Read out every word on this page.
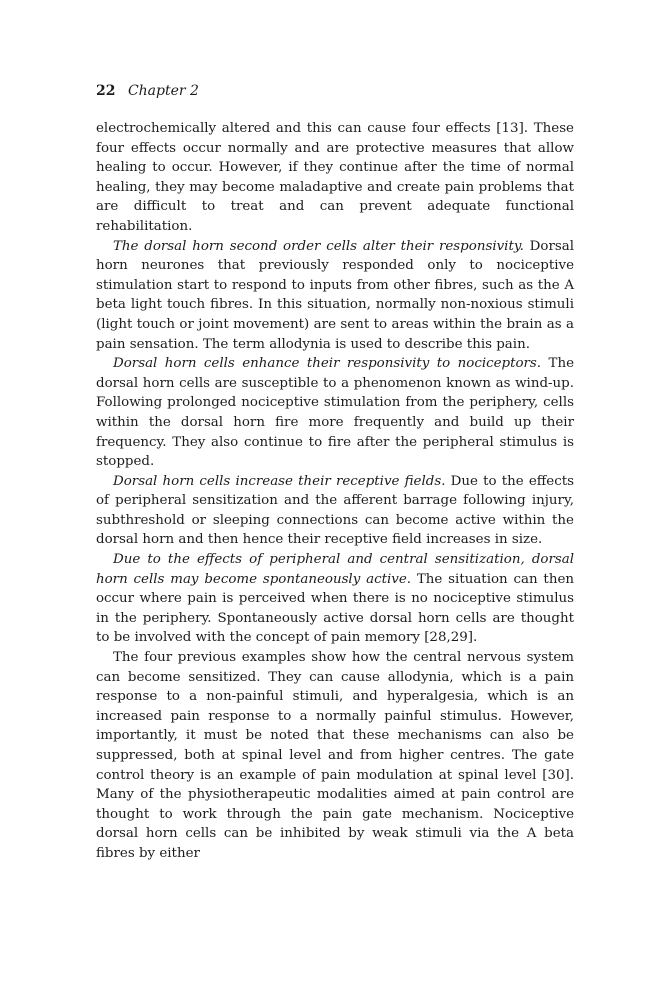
22 Chapter 2

electrochemically altered and this can cause four effects [13]. These four effects occur normally and are protective measures that allow healing to occur. However, if they continue after the time of normal healing, they may become maladaptive and create pain problems that are difficult to treat and can prevent adequate functional rehabilitation.

The dorsal horn second order cells alter their responsivity. Dorsal horn neurones that previously responded only to nociceptive stimulation start to respond to inputs from other fibres, such as the A beta light touch fibres. In this situation, normally non-noxious stimuli (light touch or joint movement) are sent to areas within the brain as a pain sensation. The term allodynia is used to describe this pain.

Dorsal horn cells enhance their responsivity to nociceptors. The dorsal horn cells are susceptible to a phenomenon known as wind-up. Following prolonged nociceptive stimulation from the periphery, cells within the dorsal horn fire more frequently and build up their frequency. They also continue to fire after the peripheral stimulus is stopped.

Dorsal horn cells increase their receptive fields. Due to the effects of peripheral sensitization and the afferent barrage following injury, subthreshold or sleeping connections can become active within the dorsal horn and then hence their receptive field increases in size.

Due to the effects of peripheral and central sensitization, dorsal horn cells may become spontaneously active. The situation can then occur where pain is perceived when there is no nociceptive stimulus in the periphery. Spontaneously active dorsal horn cells are thought to be involved with the concept of pain memory [28,29].

The four previous examples show how the central nervous system can become sensitized. They can cause allodynia, which is a pain response to a non-painful stimuli, and hyperalgesia, which is an increased pain response to a normally painful stimulus. However, importantly, it must be noted that these mechanisms can also be suppressed, both at spinal level and from higher centres. The gate control theory is an example of pain modulation at spinal level [30]. Many of the physiotherapeutic modalities aimed at pain control are thought to work through the pain gate mechanism. Nociceptive dorsal horn cells can be inhibited by weak stimuli via the A beta fibres by either
